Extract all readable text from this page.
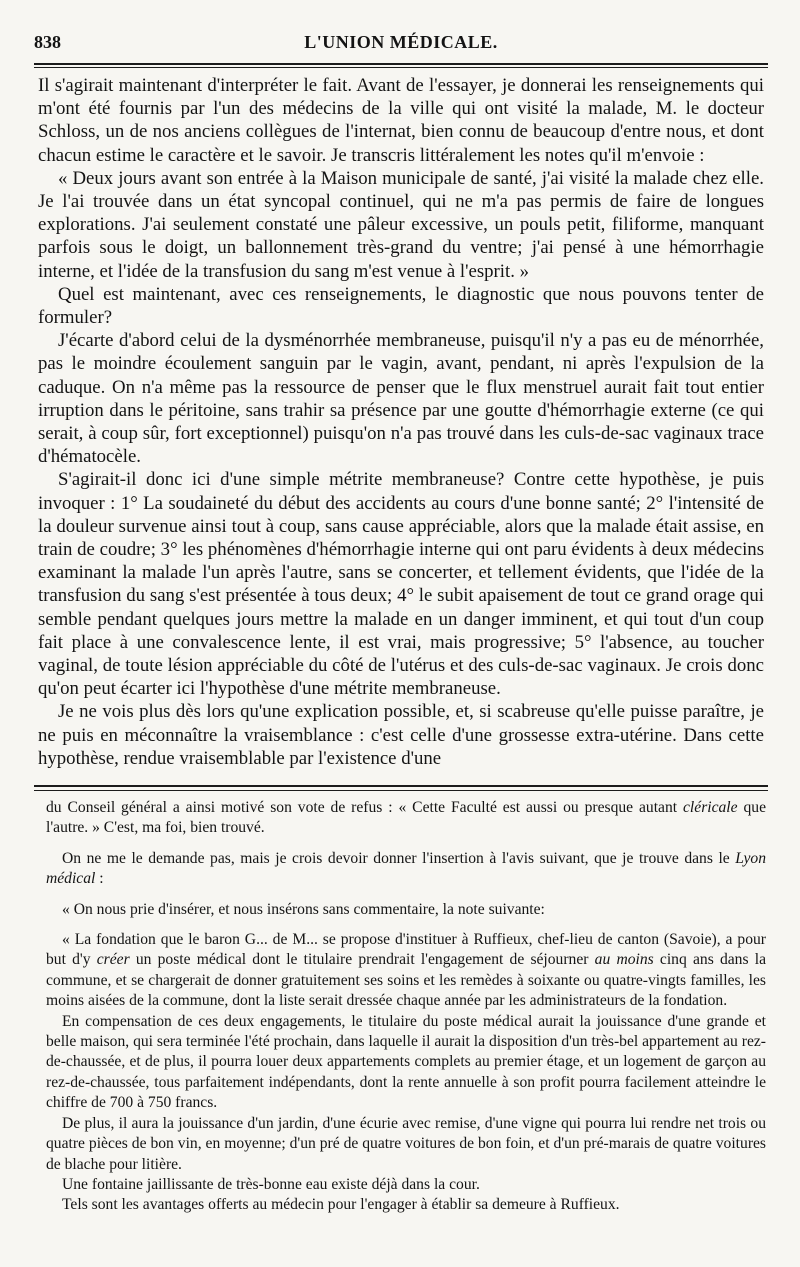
838	L'UNION MÉDICALE.

Il s'agirait maintenant d'interpréter le fait. Avant de l'essayer, je donnerai les renseignements qui m'ont été fournis par l'un des médecins de la ville qui ont visité la malade, M. le docteur Schloss, un de nos anciens collègues de l'internat, bien connu de beaucoup d'entre nous, et dont chacun estime le caractère et le savoir. Je transcris littéralement les notes qu'il m'envoie :

« Deux jours avant son entrée à la Maison municipale de santé, j'ai visité la malade chez elle. Je l'ai trouvée dans un état syncopal continuel, qui ne m'a pas permis de faire de longues explorations. J'ai seulement constaté une pâleur excessive, un pouls petit, filiforme, manquant parfois sous le doigt, un ballonnement très-grand du ventre; j'ai pensé à une hémorrhagie interne, et l'idée de la transfusion du sang m'est venue à l'esprit. »

Quel est maintenant, avec ces renseignements, le diagnostic que nous pouvons tenter de formuler?

J'écarte d'abord celui de la dysménorrhée membraneuse, puisqu'il n'y a pas eu de ménorrhée, pas le moindre écoulement sanguin par le vagin, avant, pendant, ni après l'expulsion de la caduque. On n'a même pas la ressource de penser que le flux menstruel aurait fait tout entier irruption dans le péritoine, sans trahir sa présence par une goutte d'hémorrhagie externe (ce qui serait, à coup sûr, fort exceptionnel) puisqu'on n'a pas trouvé dans les culs-de-sac vaginaux trace d'hématocèle.

S'agirait-il donc ici d'une simple métrite membraneuse? Contre cette hypothèse, je puis invoquer : 1° La soudaineté du début des accidents au cours d'une bonne santé; 2° l'intensité de la douleur survenue ainsi tout à coup, sans cause appréciable, alors que la malade était assise, en train de coudre; 3° les phénomènes d'hémorrhagie interne qui ont paru évidents à deux médecins examinant la malade l'un après l'autre, sans se concerter, et tellement évidents, que l'idée de la transfusion du sang s'est présentée à tous deux; 4° le subit apaisement de tout ce grand orage qui semble pendant quelques jours mettre la malade en un danger imminent, et qui tout d'un coup fait place à une convalescence lente, il est vrai, mais progressive; 5° l'absence, au toucher vaginal, de toute lésion appréciable du côté de l'utérus et des culs-de-sac vaginaux. Je crois donc qu'on peut écarter ici l'hypothèse d'une métrite membraneuse.

Je ne vois plus dès lors qu'une explication possible, et, si scabreuse qu'elle puisse paraître, je ne puis en méconnaître la vraisemblance : c'est celle d'une grossesse extra-utérine. Dans cette hypothèse, rendue vraisemblable par l'existence d'une

du Conseil général a ainsi motivé son vote de refus : « Cette Faculté est aussi ou presque autant cléricale que l'autre. » C'est, ma foi, bien trouvé.

On ne me le demande pas, mais je crois devoir donner l'insertion à l'avis suivant, que je trouve dans le Lyon médical :

« On nous prie d'insérer, et nous insérons sans commentaire, la note suivante:

« La fondation que le baron G... de M... se propose d'instituer à Ruffieux, chef-lieu de canton (Savoie), a pour but d'y créer un poste médical dont le titulaire prendrait l'engagement de séjourner au moins cinq ans dans la commune, et se chargerait de donner gratuitement ses soins et les remèdes à soixante ou quatre-vingts familles, les moins aisées de la commune, dont la liste serait dressée chaque année par les administrateurs de la fondation.

En compensation de ces deux engagements, le titulaire du poste médical aurait la jouissance d'une grande et belle maison, qui sera terminée l'été prochain, dans laquelle il aurait la disposition d'un très-bel appartement au rez-de-chaussée, et de plus, il pourra louer deux appartements complets au premier étage, et un logement de garçon au rez-de-chaussée, tous parfaitement indépendants, dont la rente annuelle à son profit pourra facilement atteindre le chiffre de 700 à 750 francs.

De plus, il aura la jouissance d'un jardin, d'une écurie avec remise, d'une vigne qui pourra lui rendre net trois ou quatre pièces de bon vin, en moyenne; d'un pré de quatre voitures de bon foin, et d'un pré-marais de quatre voitures de blache pour litière.

Une fontaine jaillissante de très-bonne eau existe déjà dans la cour.

Tels sont les avantages offerts au médecin pour l'engager à établir sa demeure à Ruffieux.
